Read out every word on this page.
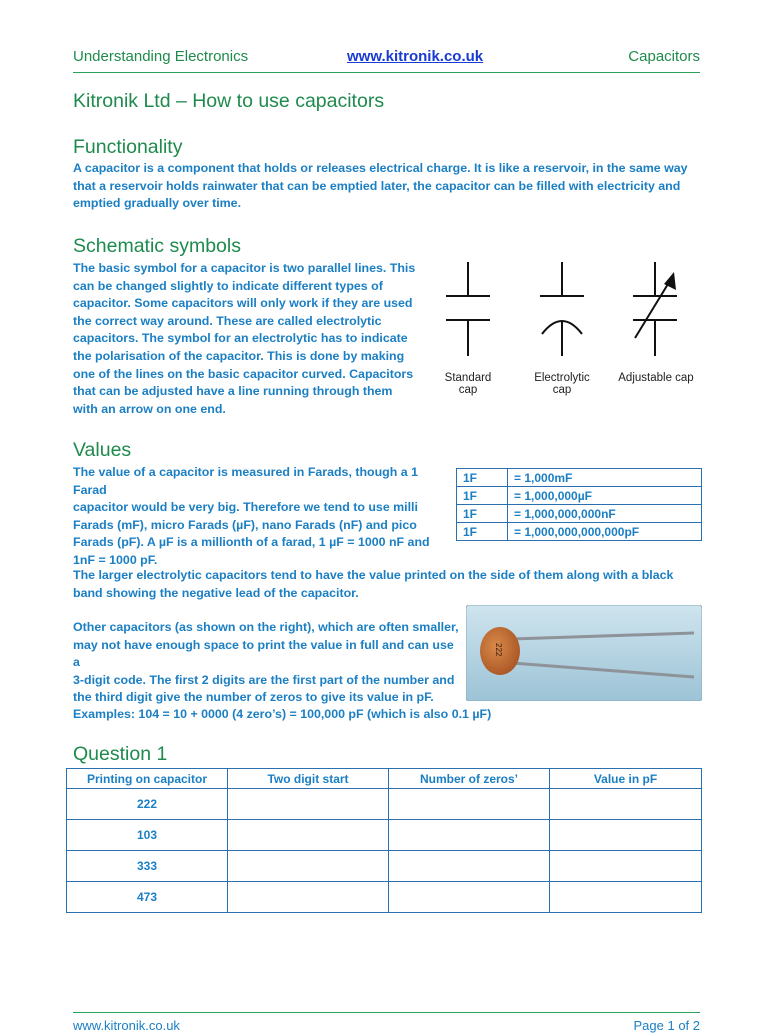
Understanding Electronics	www.kitronik.co.uk	Capacitors
Kitronik Ltd – How to use capacitors
Functionality
A capacitor is a component that holds or releases electrical charge. It is like a reservoir, in the same way
that a reservoir holds rainwater that can be emptied later, the capacitor can be filled with electricity and
emptied gradually over time.
Schematic symbols
The basic symbol for a capacitor is two parallel lines. This
can be changed slightly to indicate different types of
capacitor. Some capacitors will only work if they are used
the correct way around. These are called electrolytic
capacitors. The symbol for an electrolytic has to indicate
the polarisation of the capacitor. This is done by making
one of the lines on the basic capacitor curved. Capacitors
that can be adjusted have a line running through them
with an arrow on one end.
Standard
cap
Electrolytic
cap
Adjustable cap
Values
The value of a capacitor is measured in Farads, though a 1 Farad
capacitor would be very big. Therefore we tend to use milli
Farads (mF), micro Farads (µF), nano Farads (nF) and pico
Farads (pF). A µF is a millionth of a farad, 1 µF = 1000 nF and
1nF = 1000 pF.
1F	= 1,000mF
1F	= 1,000,000µF
1F	= 1,000,000,000nF
1F	= 1,000,000,000,000pF
The larger electrolytic capacitors tend to have the value printed on the side of them along with a black
band showing the negative lead of the capacitor.
Other capacitors (as shown on the right), which are often smaller,
may not have enough space to print the value in full and can use a
3-digit code. The first 2 digits are the first part of the number and
the third digit give the number of zeros to give its value in pF.
222
Examples: 104 = 10 + 0000 (4 zero’s) = 100,000 pF (which is also 0.1 µF)
Question 1
Printing on capacitor	Two digit start	Number of zeros’	Value in pF
222			
103			
333			
473			
www.kitronik.co.uk	Page 1 of 2
